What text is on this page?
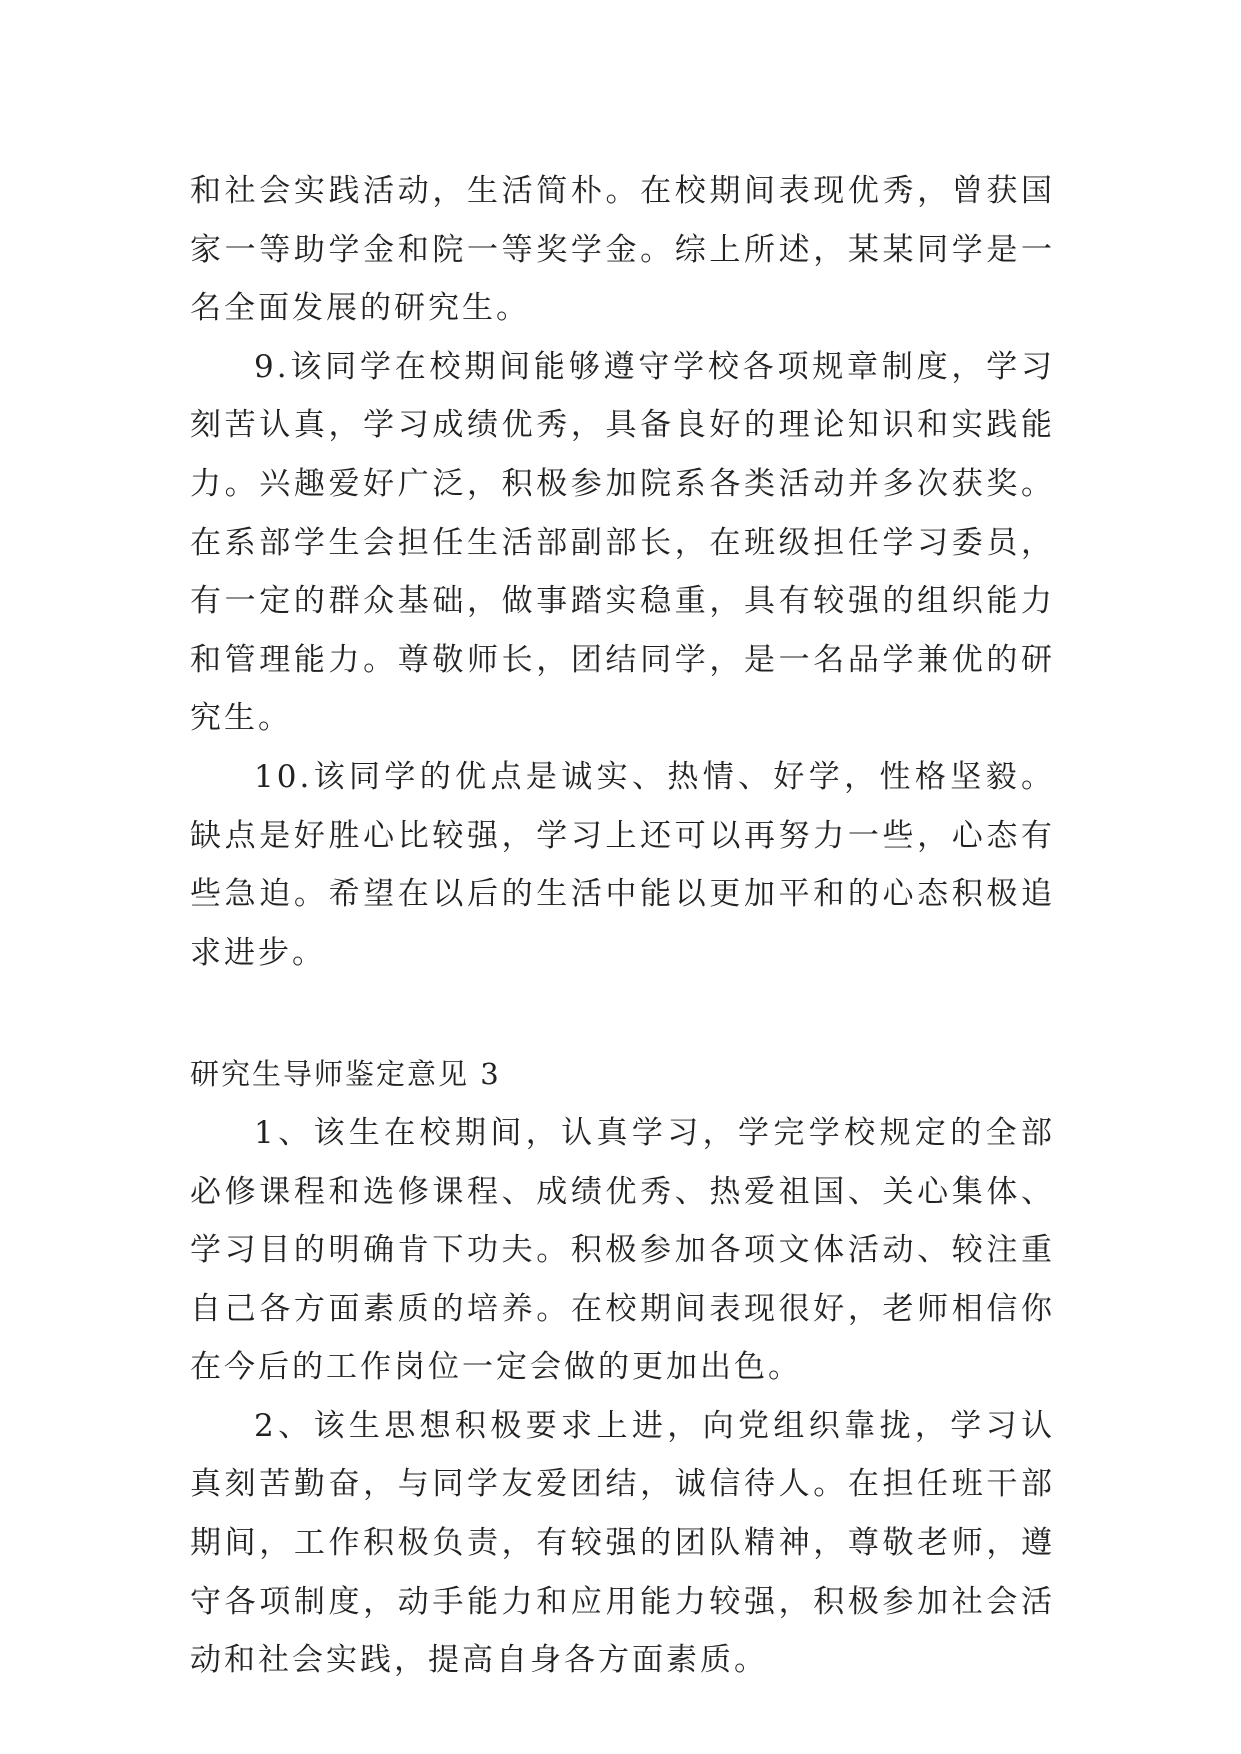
和社会实践活动，生活简朴。在校期间表现优秀，曾获国家一等助学金和院一等奖学金。综上所述，某某同学是一名全面发展的研究生。

9.该同学在校期间能够遵守学校各项规章制度，学习刻苦认真，学习成绩优秀，具备良好的理论知识和实践能力。兴趣爱好广泛，积极参加院系各类活动并多次获奖。在系部学生会担任生活部副部长，在班级担任学习委员，有一定的群众基础，做事踏实稳重，具有较强的组织能力和管理能力。尊敬师长，团结同学，是一名品学兼优的研究生。

10.该同学的优点是诚实、热情、好学，性格坚毅。缺点是好胜心比较强，学习上还可以再努力一些，心态有些急迫。希望在以后的生活中能以更加平和的心态积极追求进步。

研究生导师鉴定意见 3

1、该生在校期间，认真学习，学完学校规定的全部必修课程和选修课程、成绩优秀、热爱祖国、关心集体、学习目的明确肯下功夫。积极参加各项文体活动、较注重自己各方面素质的培养。在校期间表现很好，老师相信你在今后的工作岗位一定会做的更加出色。

2、该生思想积极要求上进，向党组织靠拢，学习认真刻苦勤奋，与同学友爱团结，诚信待人。在担任班干部期间，工作积极负责，有较强的团队精神，尊敬老师，遵守各项制度，动手能力和应用能力较强，积极参加社会活动和社会实践，提高自身各方面素质。
